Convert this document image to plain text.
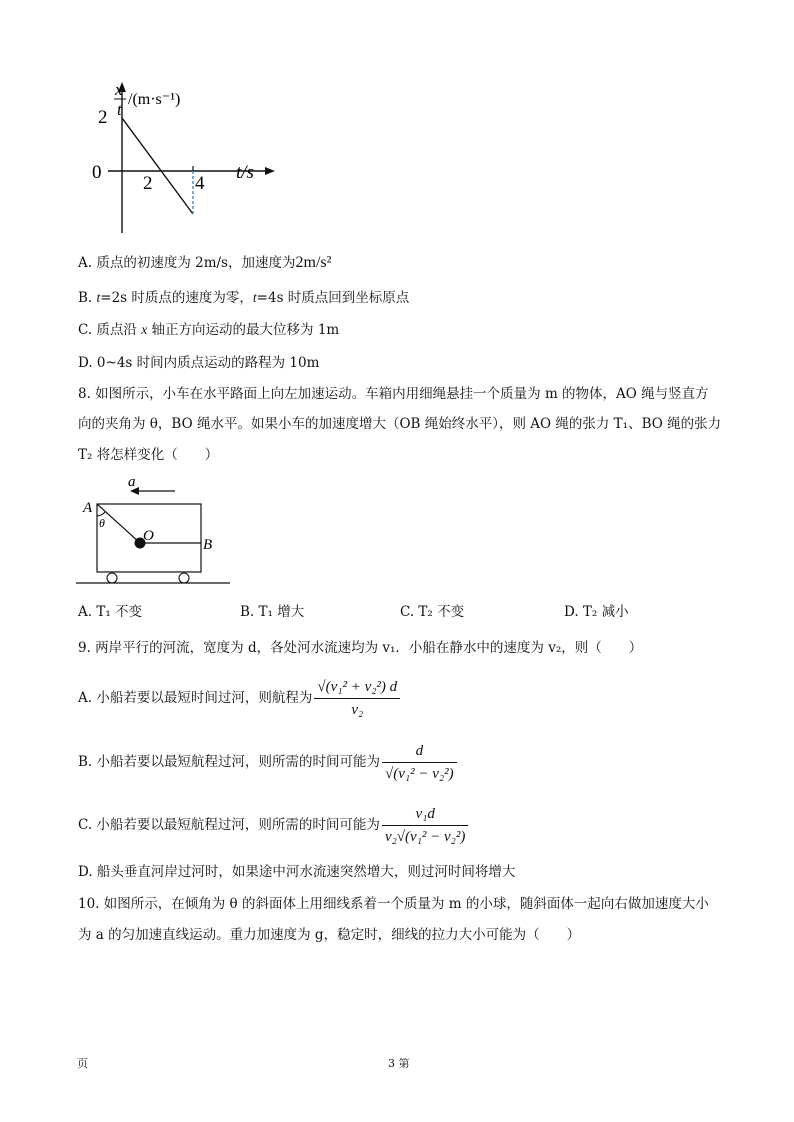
2
0
2 4
t/s
x
t
/(m·s⁻¹)
A. 质点的初速度为 2m/s，加速度为2m/s²
B. t=2s 时质点的速度为零，t=4s 时质点回到坐标原点
C. 质点沿 x 轴正方向运动的最大位移为 1m
D. 0~4s 时间内质点运动的路程为 10m
8. 如图所示，小车在水平路面上向左加速运动。车箱内用细绳悬挂一个质量为 m 的物体，AO 绳与竖直方
向的夹角为 θ，BO 绳水平。如果小车的加速度增大（OB 绳始终水平），则 AO 绳的张力 T₁、BO 绳的张力
T₂ 将怎样变化（　　）
a
A
θ
O
B
A. T₁ 不变	B. T₁ 增大	C. T₂ 不变	D. T₂ 减小
9. 两岸平行的河流，宽度为 d，各处河水流速均为 v₁．小船在静水中的速度为 v₂，则（　　）
A. 小船若要以最短时间过河，则航程为 $\frac{\text{√(v₁² + v₂²) d}}{\text{v₂}}$
B. 小船若要以最短航程过河，则所需的时间可能为 $\frac{d}{\text{√(v₁² − v₂²)}}$
C. 小船若要以最短航程过河，则所需的时间可能为 $\frac{\text{v₁d}}{\text{v₂√(v₁² − v₂²)}}$
D. 船头垂直河岸过河时，如果途中河水流速突然增大，则过河时间将增大
10. 如图所示，在倾角为 θ 的斜面体上用细线系着一个质量为 m 的小球，随斜面体一起向右做加速度大小
为 a 的匀加速直线运动。重力加速度为 g，稳定时，细线的拉力大小可能为（　　）
页	3 第
